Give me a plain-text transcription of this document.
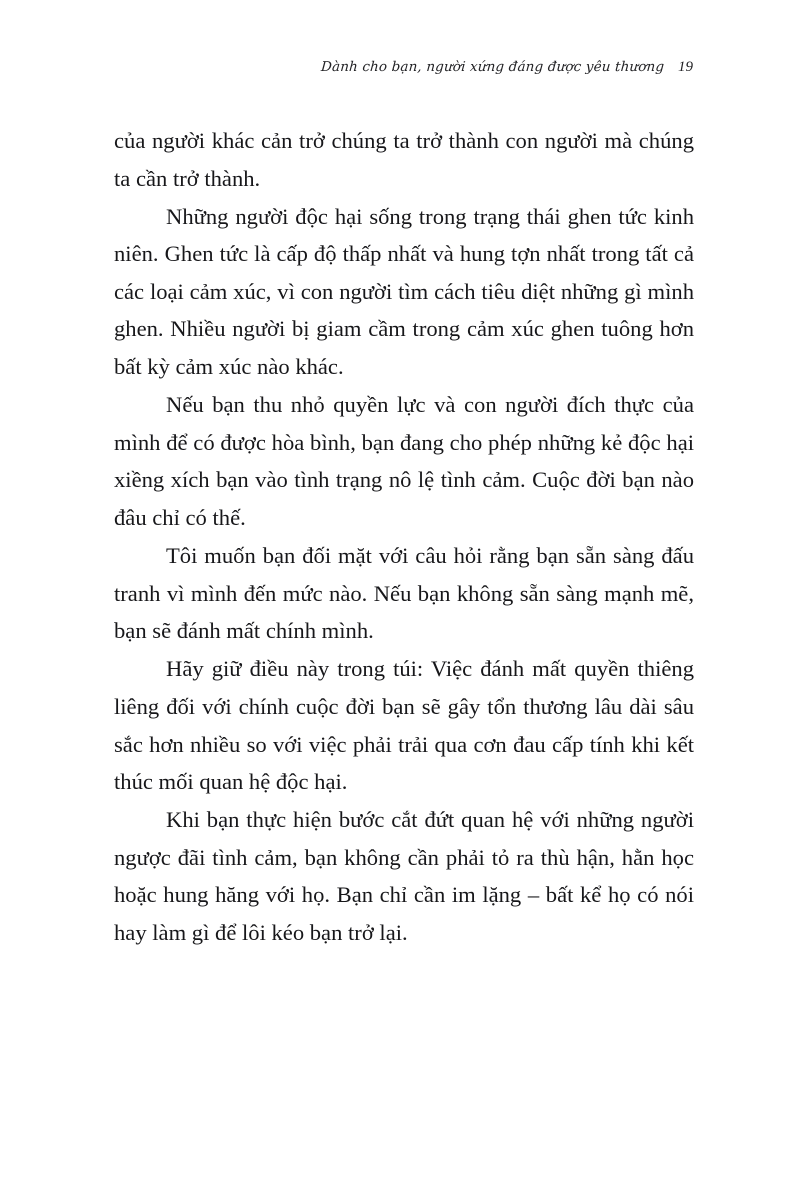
Dành cho bạn, người xứng đáng được yêu thương 19

của người khác cản trở chúng ta trở thành con người mà chúng ta cần trở thành.

Những người độc hại sống trong trạng thái ghen tức kinh niên. Ghen tức là cấp độ thấp nhất và hung tợn nhất trong tất cả các loại cảm xúc, vì con người tìm cách tiêu diệt những gì mình ghen. Nhiều người bị giam cầm trong cảm xúc ghen tuông hơn bất kỳ cảm xúc nào khác.

Nếu bạn thu nhỏ quyền lực và con người đích thực của mình để có được hòa bình, bạn đang cho phép những kẻ độc hại xiềng xích bạn vào tình trạng nô lệ tình cảm. Cuộc đời bạn nào đâu chỉ có thế.

Tôi muốn bạn đối mặt với câu hỏi rằng bạn sẵn sàng đấu tranh vì mình đến mức nào. Nếu bạn không sẵn sàng mạnh mẽ, bạn sẽ đánh mất chính mình.

Hãy giữ điều này trong túi: Việc đánh mất quyền thiêng liêng đối với chính cuộc đời bạn sẽ gây tổn thương lâu dài sâu sắc hơn nhiều so với việc phải trải qua cơn đau cấp tính khi kết thúc mối quan hệ độc hại.

Khi bạn thực hiện bước cắt đứt quan hệ với những người ngược đãi tình cảm, bạn không cần phải tỏ ra thù hận, hằn học hoặc hung hăng với họ. Bạn chỉ cần im lặng – bất kể họ có nói hay làm gì để lôi kéo bạn trở lại.
